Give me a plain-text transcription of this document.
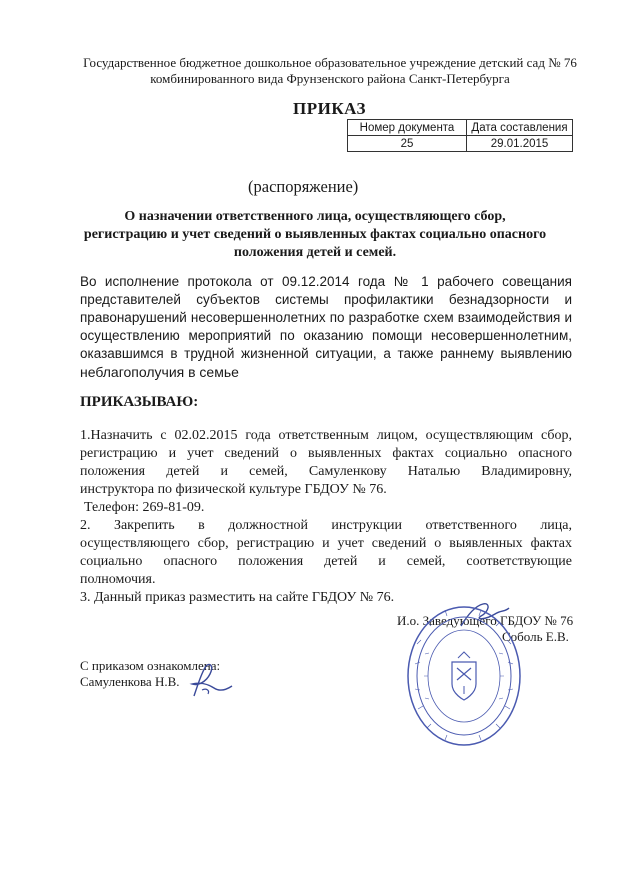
Государственное бюджетное дошкольное образовательное учреждение детский сад № 76
комбинированного вида Фрунзенского района Санкт-Петербурга
ПРИКАЗ
Номер документа	Дата составления
25	29.01.2015
(распоряжение)
О назначении ответственного лица, осуществляющего сбор,
регистрацию и учет сведений о выявленных фактах социально опасного
положения детей и семей.
Во исполнение протокола от 09.12.2014 года № 1 рабочего совещания
представителей субъектов системы профилактики безнадзорности и
правонарушений несовершеннолетних по разработке схем взаимодействия и
осуществлению мероприятий по оказанию помощи несовершеннолетним,
оказавшимся в трудной жизненной ситуации, а также раннему выявлению
неблагополучия в семье
ПРИКАЗЫВАЮ:
1.Назначить с 02.02.2015 года ответственным лицом, осуществляющим сбор,
регистрацию и учет сведений о выявленных фактах социально опасного
положения детей и семей, Самуленкову Наталью Владимировну,
инструктора по физической культуре ГБДОУ № 76.
Телефон: 269-81-09.
2. Закрепить в должностной инструкции ответственного лица,
осуществляющего сбор, регистрацию и учет сведений о выявленных фактах
социально опасного положения детей и семей, соответствующие
полномочия.
3. Данный приказ разместить на сайте ГБДОУ № 76.
И.о. Заведующего ГБДОУ № 76
Соболь Е.В.
С приказом ознакомлена:
Самуленкова Н.В.
